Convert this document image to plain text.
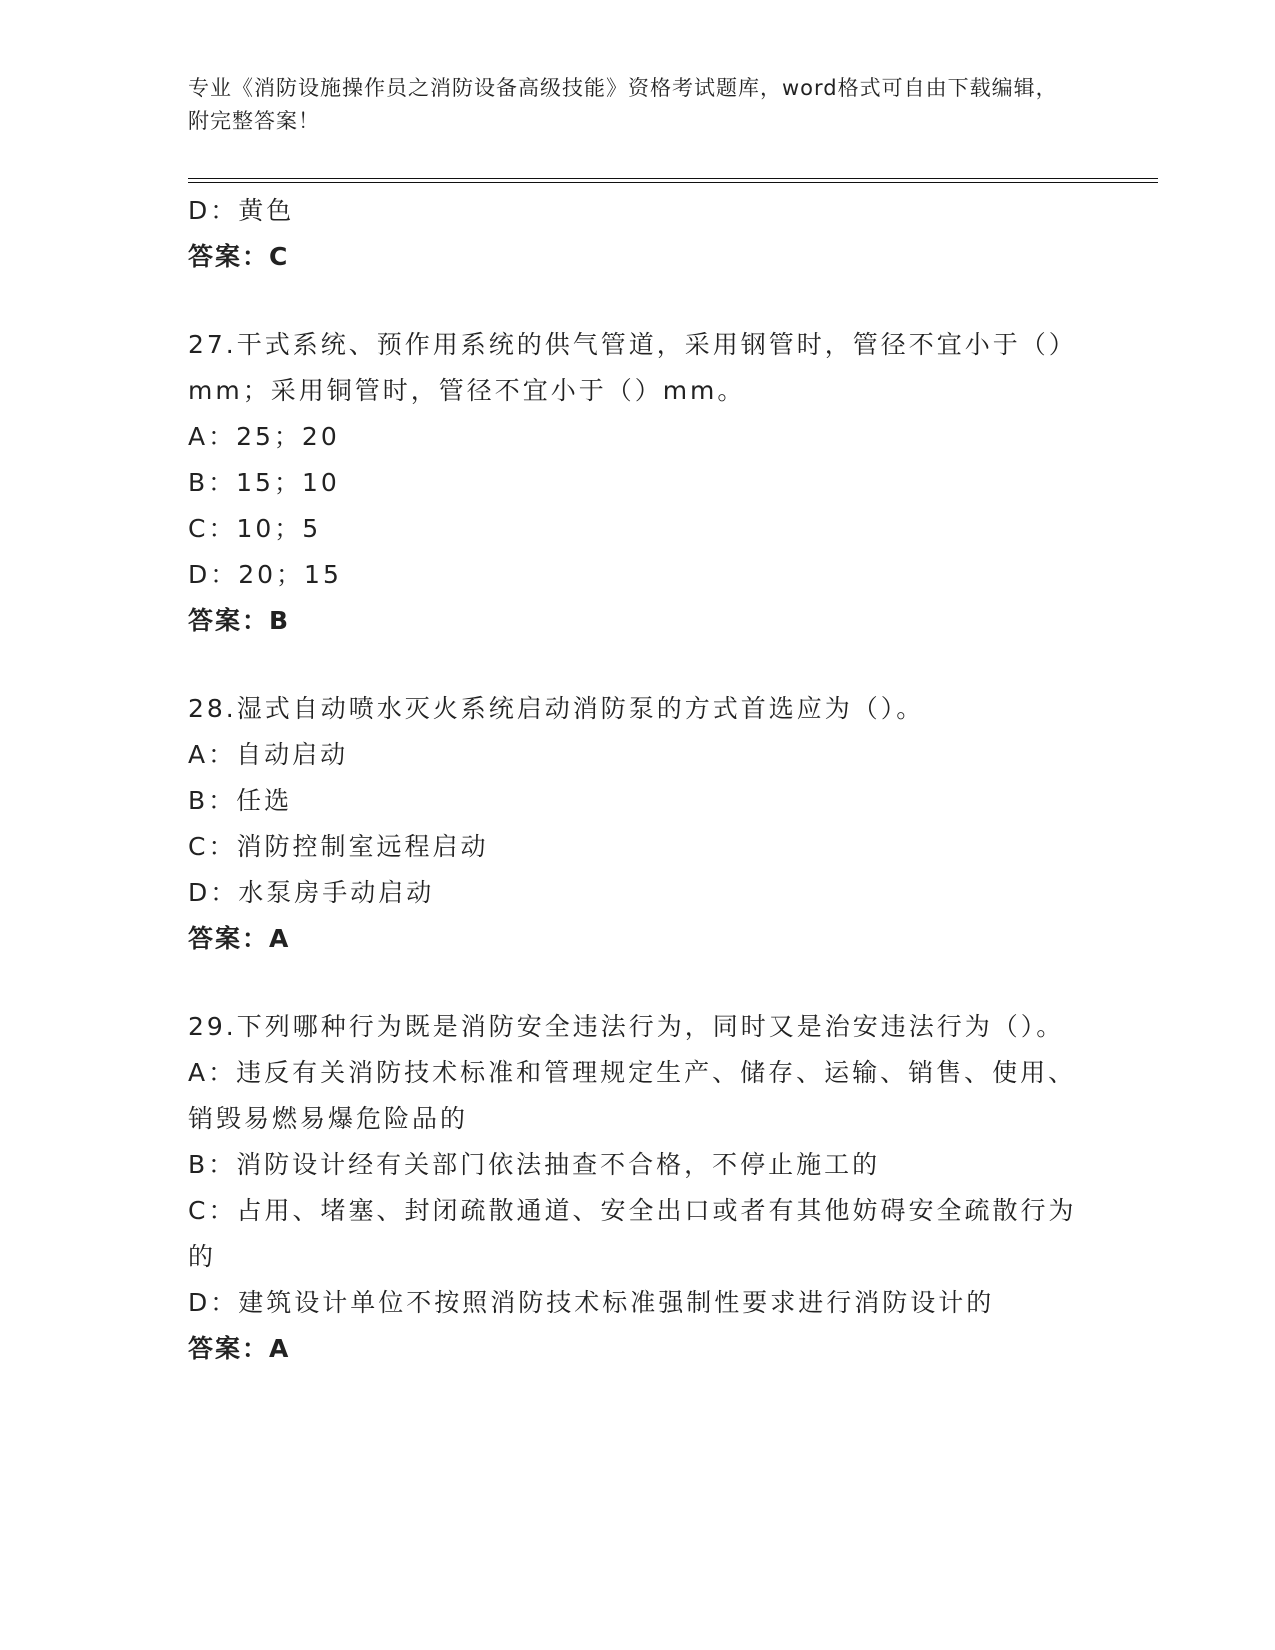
专业《消防设施操作员之消防设备高级技能》资格考试题库，word格式可自由下载编辑，附完整答案！
D：黄色
答案：C
27.干式系统、预作用系统的供气管道，采用钢管时，管径不宜小于（）mm；采用铜管时，管径不宜小于（）mm。
A：25；20
B：15；10
C：10；5
D：20；15
答案：B
28.湿式自动喷水灭火系统启动消防泵的方式首选应为（）。
A：自动启动
B：任选
C：消防控制室远程启动
D：水泵房手动启动
答案：A
29.下列哪种行为既是消防安全违法行为，同时又是治安违法行为（）。
A：违反有关消防技术标准和管理规定生产、储存、运输、销售、使用、销毁易燃易爆危险品的
B：消防设计经有关部门依法抽查不合格，不停止施工的
C：占用、堵塞、封闭疏散通道、安全出口或者有其他妨碍安全疏散行为的
D：建筑设计单位不按照消防技术标准强制性要求进行消防设计的
答案：A
